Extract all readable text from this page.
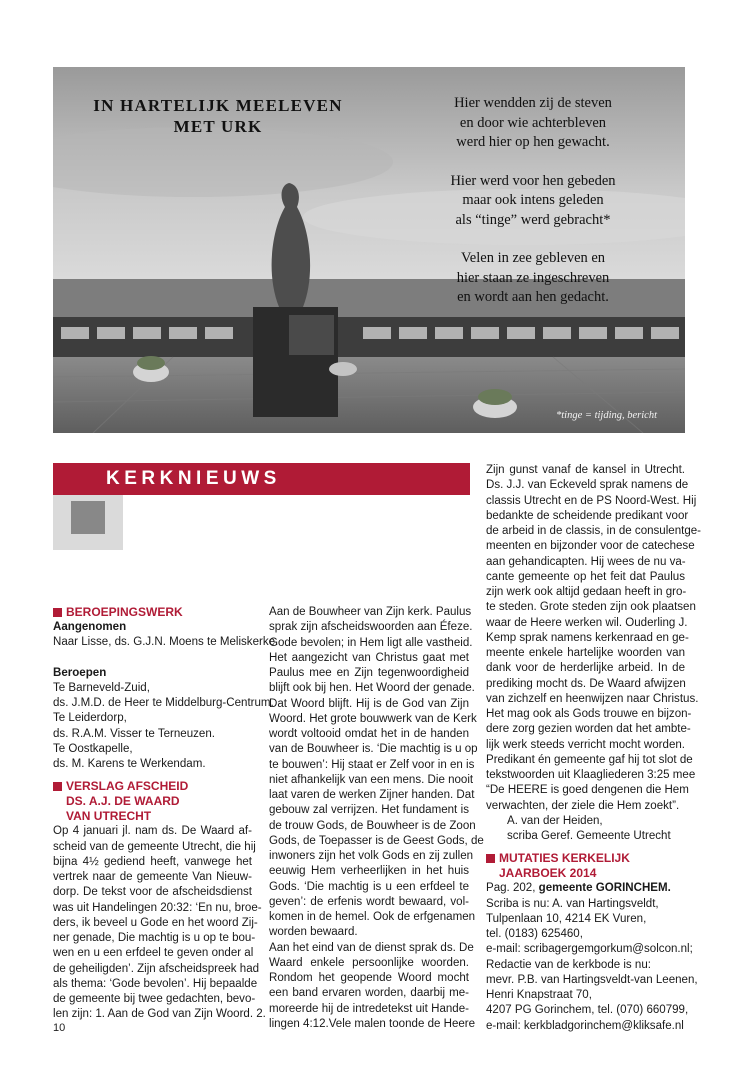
IN HARTELIJK MEELEVEN
MET URK
Hier wendden zij de steven
en door wie achterbleven
werd hier op hen gewacht.
Hier werd voor hen gebeden
maar ook intens geleden
als “tinge” werd gebracht*
Velen in zee gebleven en
hier staan ze ingeschreven
en wordt aan hen gedacht.
*tinge = tijding, bericht
KERKNIEUWS
BEROEPINGSWERK

Aangenomen

Naar Lisse, ds. G.J.N. Moens te Meliskerke.

Beroepen

Te Barneveld-Zuid,

ds. J.M.D. de Heer te Middelburg-Centrum.

Te Leiderdorp,

ds. R.A.M. Visser te Terneuzen.

Te Oostkapelle,

ds. M. Karens te Werkendam.

VERSLAG AFSCHEID
DS. A.J. DE WAARD
VAN UTRECHT

Op 4 januari jl. nam ds. De Waard af-

scheid van de gemeente Utrecht, die hij

bijna 4½ gediend heeft, vanwege het

vertrek naar de gemeente Van Nieuw-

dorp. De tekst voor de afscheidsdienst

was uit Handelingen 20:32: ‘En nu, broe-

ders, ik beveel u Gode en het woord Zij-

ner genade, Die machtig is u op te bou-

wen en u een erfdeel te geven onder al

de geheiligden’. Zijn afscheidspreek had

als thema: ‘Gode bevolen’. Hij bepaalde

de gemeente bij twee gedachten, bevo-

len zijn: 1. Aan de God van Zijn Woord. 2.

Aan de Bouwheer van Zijn kerk. Paulus

sprak zijn afscheidswoorden aan Éfeze.

Gode bevolen; in Hem ligt alle vastheid.

Het aangezicht van Christus gaat met

Paulus mee en Zijn tegenwoordigheid

blijft ook bij hen. Het Woord der genade.

Dat Woord blijft. Hij is de God van Zijn

Woord. Het grote bouwwerk van de Kerk

wordt voltooid omdat het in de handen

van de Bouwheer is. ‘Die machtig is u op

te bouwen’: Hij staat er Zelf voor in en is

niet afhankelijk van een mens. Die nooit

laat varen de werken Zijner handen. Dat

gebouw zal verrijzen. Het fundament is

de trouw Gods, de Bouwheer is de Zoon

Gods, de Toepasser is de Geest Gods, de

inwoners zijn het volk Gods en zij zullen

eeuwig Hem verheerlijken in het huis

Gods. ‘Die machtig is u een erfdeel te

geven’: de erfenis wordt bewaard, vol-

komen in de hemel. Ook de erfgenamen

worden bewaard.

Aan het eind van de dienst sprak ds. De

Waard enkele persoonlijke woorden.

Rondom het geopende Woord mocht

een band ervaren worden, daarbij me-

moreerde hij de intredetekst uit Hande-

lingen 4:12.Vele malen toonde de Heere

Zijn gunst vanaf de kansel in Utrecht.

Ds. J.J. van Eckeveld sprak namens de

classis Utrecht en de PS Noord-West. Hij

bedankte de scheidende predikant voor

de arbeid in de classis, in de consulentge-

meenten en bijzonder voor de catechese

aan gehandicapten. Hij wees de nu va-

cante gemeente op het feit dat Paulus

zijn werk ook altijd gedaan heeft in gro-

te steden. Grote steden zijn ook plaatsen

waar de Heere werken wil. Ouderling J.

Kemp sprak namens kerkenraad en ge-

meente enkele hartelijke woorden van

dank voor de herderlijke arbeid. In de

prediking mocht ds. De Waard afwijzen

van zichzelf en heenwijzen naar Christus.

Het mag ook als Gods trouwe en bijzon-

dere zorg gezien worden dat het ambte-

lijk werk steeds verricht mocht worden.

Predikant én gemeente gaf hij tot slot de

tekstwoorden uit Klaagliederen 3:25 mee

“De HEERE is goed dengenen die Hem

verwachten, der ziele die Hem zoekt”.

A. van der Heiden,

scriba Geref. Gemeente Utrecht

MUTATIES KERKELIJK
JAARBOEK 2014

Pag. 202, gemeente GORINCHEM.

Scriba is nu: A. van Hartingsveldt,

Tulpenlaan 10, 4214 EK Vuren,

tel. (0183) 625460,

e-mail: scribagergemgorkum@solcon.nl;

Redactie van de kerkbode is nu:

mevr. P.B. van Hartingsveldt-van Leenen,

Henri Knapstraat 70,

4207 PG Gorinchem, tel. (070) 660799,

e-mail: kerkbladgorinchem@kliksafe.nl

10
